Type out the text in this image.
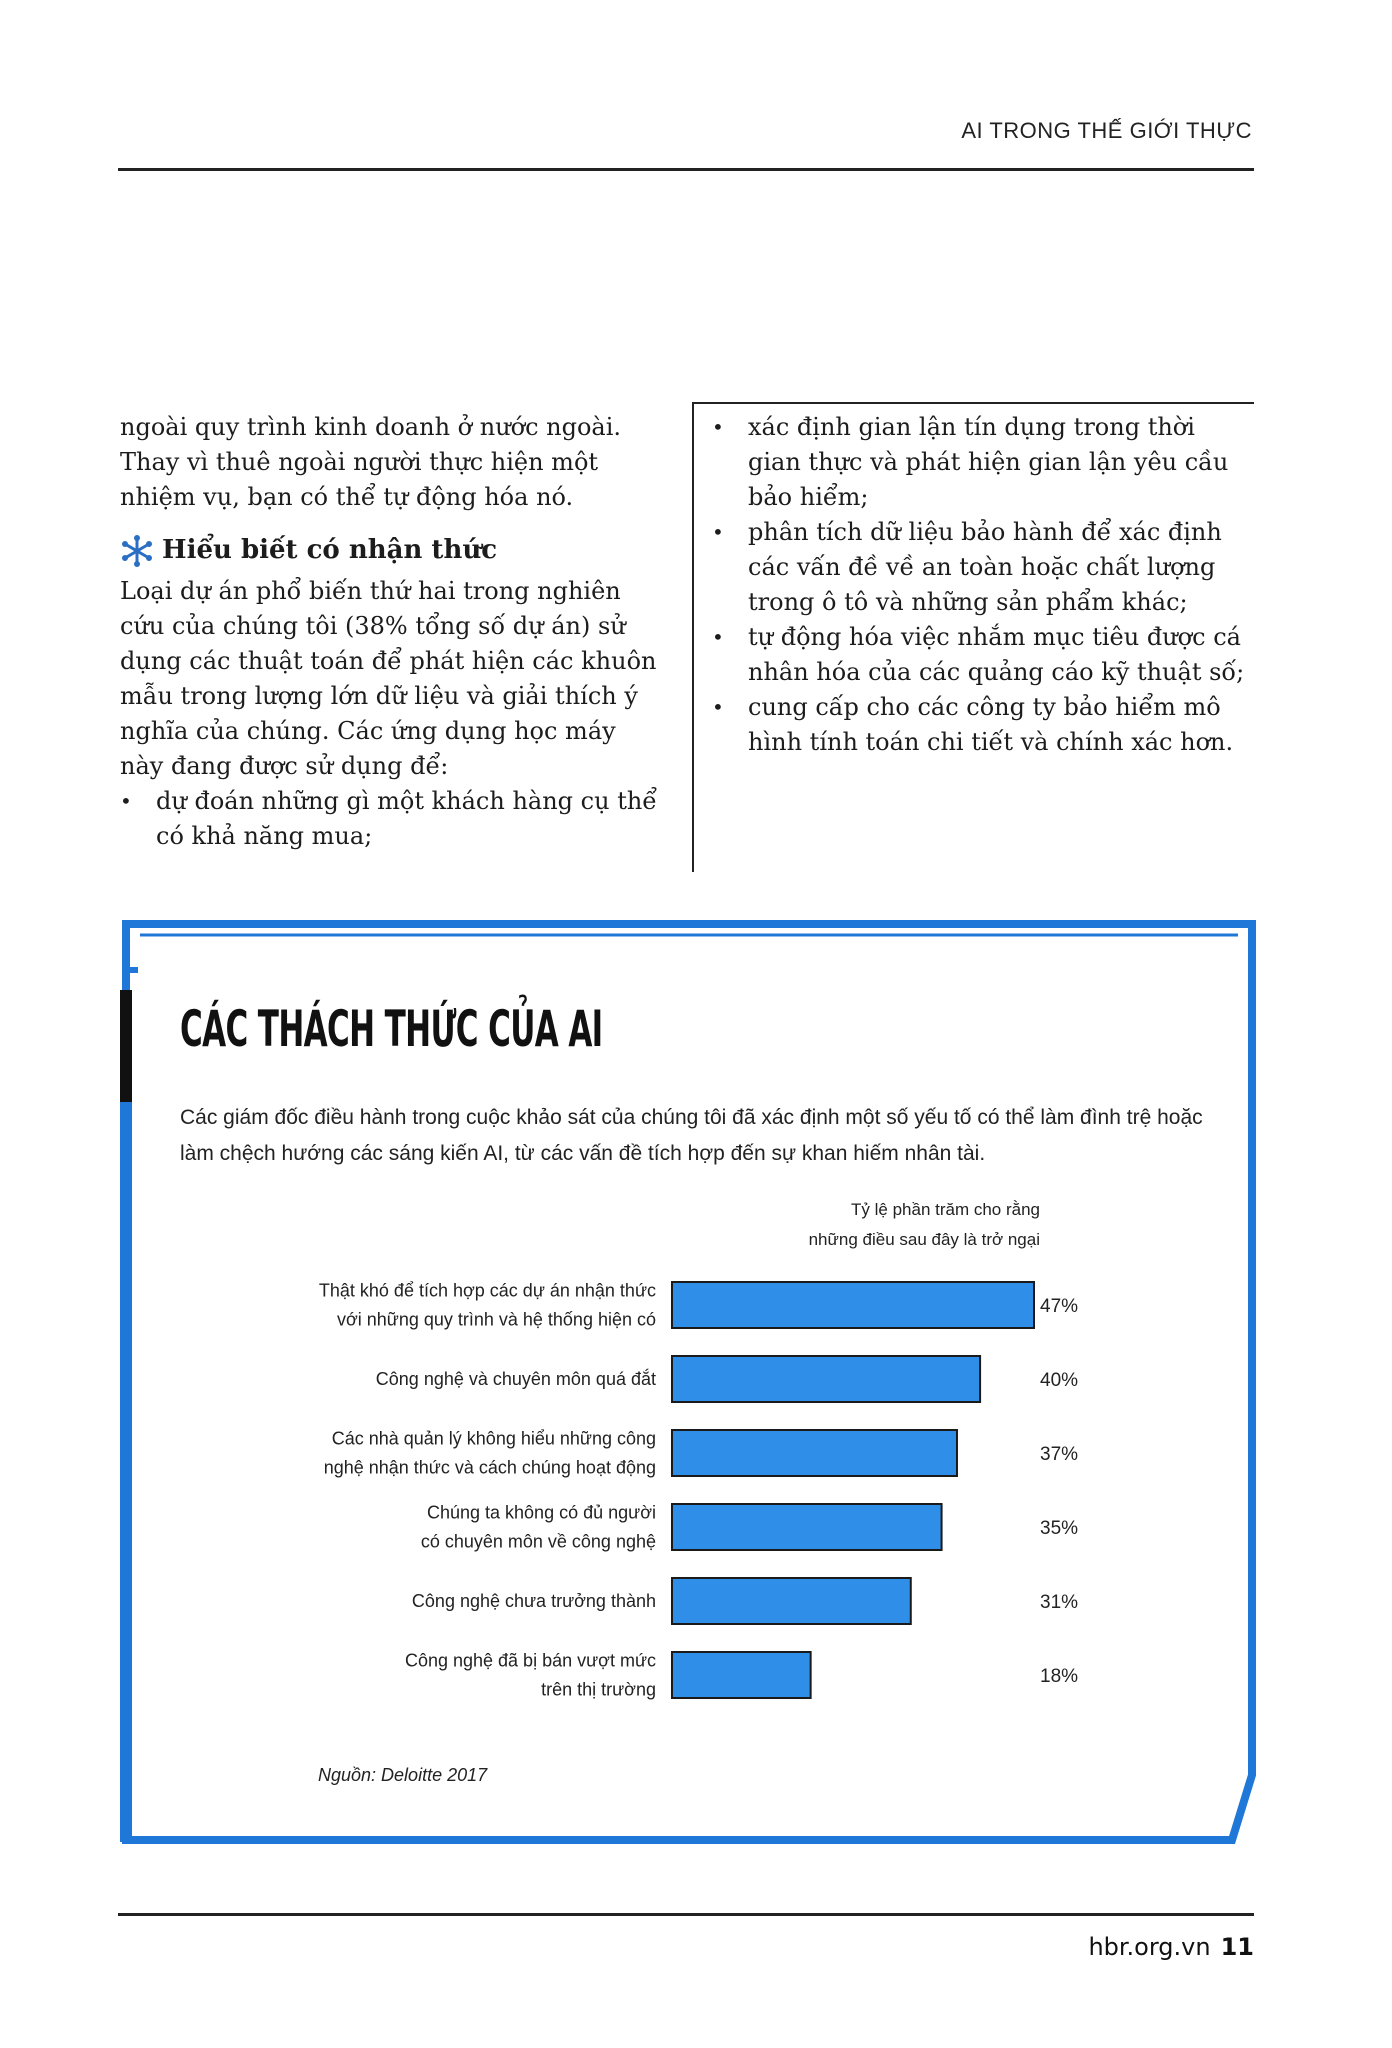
AI TRONG THẾ GIỚI THỰC

ngoài quy trình kinh doanh ở nước ngoài. Thay vì thuê ngoài người thực hiện một nhiệm vụ, bạn có thể tự động hóa nó.

Hiểu biết có nhận thức

Loại dự án phổ biến thứ hai trong nghiên cứu của chúng tôi (38% tổng số dự án) sử dụng các thuật toán để phát hiện các khuôn mẫu trong lượng lớn dữ liệu và giải thích ý nghĩa của chúng. Các ứng dụng học máy này đang được sử dụng để:

• dự đoán những gì một khách hàng cụ thể có khả năng mua;
• xác định gian lận tín dụng trong thời gian thực và phát hiện gian lận yêu cầu bảo hiểm;
• phân tích dữ liệu bảo hành để xác định các vấn đề về an toàn hoặc chất lượng trong ô tô và những sản phẩm khác;
• tự động hóa việc nhắm mục tiêu được cá nhân hóa của các quảng cáo kỹ thuật số;
• cung cấp cho các công ty bảo hiểm mô hình tính toán chi tiết và chính xác hơn.
CÁC THÁCH THỨC CỦA AI
Các giám đốc điều hành trong cuộc khảo sát của chúng tôi đã xác định một số yếu tố có thể làm đình trệ hoặc làm chệch hướng các sáng kiến AI, từ các vấn đề tích hợp đến sự khan hiếm nhân tài.
Tỷ lệ phần trăm cho rằng
những điều sau đây là trở ngại
47%
Thật khó để tích hợp các dự án nhận thức
với những quy trình và hệ thống hiện có
40%
Công nghệ và chuyên môn quá đắt
37%
Các nhà quản lý không hiểu những công
nghệ nhận thức và cách chúng hoạt động
35%
Chúng ta không có đủ người
có chuyên môn về công nghệ
31%
Công nghệ chưa trưởng thành
18%
Công nghệ đã bị bán vượt mức
trên thị trường
Nguồn: Deloitte 2017
hbr.org.vn 11
